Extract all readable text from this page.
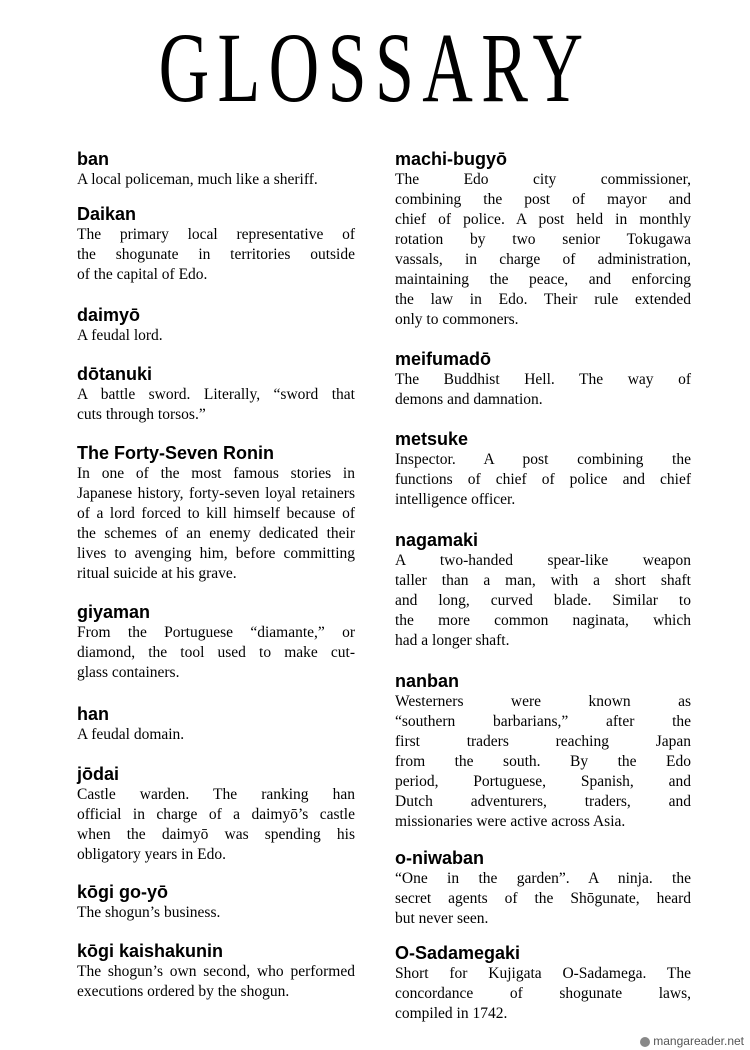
GLOSSARY
ban
A local policeman, much like a sheriff.
Daikan
The primary local representative of
the shogunate in territories outside
of the capital of Edo.
daimyō
A feudal lord.
dōtanuki
A battle sword. Literally, “sword that
cuts through torsos.”
The Forty-Seven Ronin
In one of the most famous stories in
Japanese history, forty-seven loyal retainers
of a lord forced to kill himself because of
the schemes of an enemy dedicated their
lives to avenging him, before committing
ritual suicide at his grave.
giyaman
From the Portuguese “diamante,” or
diamond, the tool used to make cut-
glass containers.
han
A feudal domain.
jōdai
Castle warden. The ranking han
official in charge of a daimyō’s castle
when the daimyō was spending his
obligatory years in Edo.
kōgi go-yō
The shogun’s business.
kōgi kaishakunin
The shogun’s own second, who performed
executions ordered by the shogun.
machi-bugyō
The Edo city commissioner,
combining the post of mayor and
chief of police. A post held in monthly
rotation by two senior Tokugawa
vassals, in charge of administration,
maintaining the peace, and enforcing
the law in Edo. Their rule extended
only to commoners.
meifumadō
The Buddhist Hell. The way of
demons and damnation.
metsuke
Inspector. A post combining the
functions of chief of police and chief
intelligence officer.
nagamaki
A two-handed spear-like weapon
taller than a man, with a short shaft
and long, curved blade. Similar to
the more common naginata, which
had a longer shaft.
nanban
Westerners were known as
“southern barbarians,” after the
first traders reaching Japan
from the south. By the Edo
period, Portuguese, Spanish, and
Dutch adventurers, traders, and
missionaries were active across Asia.
o-niwaban
“One in the garden”. A ninja. the
secret agents of the Shōgunate, heard
but never seen.
O-Sadamegaki
Short for Kujigata O-Sadamega. The
concordance of shogunate laws,
compiled in 1742.
mangareader.net
